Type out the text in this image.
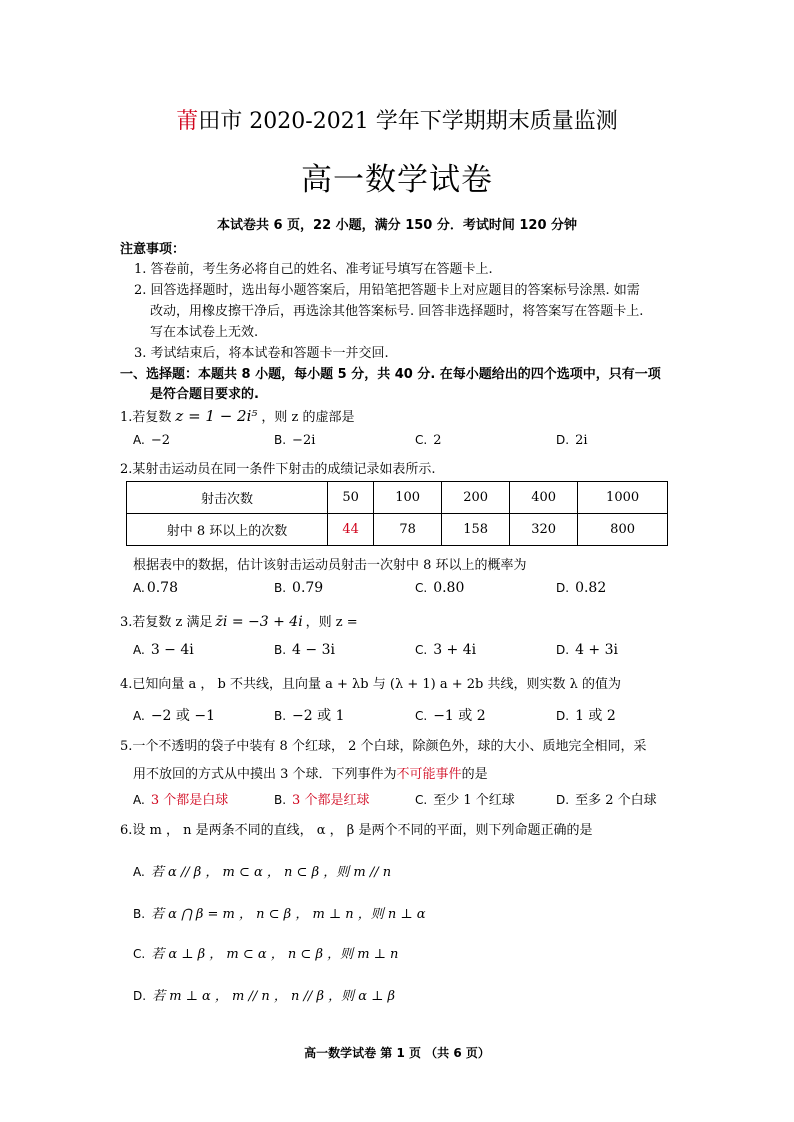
莆田市 2020-2021 学年下学期期末质量监测
高一数学试卷
本试卷共 6 页，22 小题，满分 150 分．考试时间 120 分钟
注意事项：
1. 答卷前，考生务必将自己的姓名、准考证号填写在答题卡上.
2. 回答选择题时，选出每小题答案后，用铅笔把答题卡上对应题目的答案标号涂黑. 如需
改动，用橡皮擦干净后，再选涂其他答案标号. 回答非选择题时，将答案写在答题卡上.
写在本试卷上无效.
3. 考试结束后，将本试卷和答题卡一并交回.
一、选择题：本题共 8 小题，每小题 5 分，共 40 分. 在每小题给出的四个选项中，只有一项
是符合题目要求的.
1.若复数 z = 1 − 2i⁵ ，则 z 的虚部是
A. −2	B. −2i	C. 2	D. 2i
2.某射击运动员在同一条件下射击的成绩记录如表所示.
射击次数	50	100	200	400	1000
射中 8 环以上的次数	44	78	158	320	800
根据表中的数据，估计该射击运动员射击一次射中 8 环以上的概率为
A. 0.78	B. 0.79	C. 0.80	D. 0.82
3.若复数 z 满足 z̄i = −3 + 4i ，则 z =
A. 3 − 4i	B. 4 − 3i	C. 3 + 4i	D. 4 + 3i
4.已知向量 a ， b 不共线，且向量 a + λb 与 (λ + 1) a + 2b 共线，则实数 λ 的值为
A. −2 或 −1	B. −2 或 1	C. −1 或 2	D. 1 或 2
5.一个不透明的袋子中装有 8 个红球， 2 个白球，除颜色外，球的大小、质地完全相同，采
用不放回的方式从中摸出 3 个球．下列事件为不可能事件的是
A. 3 个都是白球	B. 3 个都是红球	C. 至少 1 个红球	D. 至多 2 个白球
6.设 m ， n 是两条不同的直线， α ， β 是两个不同的平面，则下列命题正确的是
A. 若 α // β ， m ⊂ α ， n ⊂ β ，则 m // n
B. 若 α ⋂ β = m ， n ⊂ β ， m ⊥ n ，则 n ⊥ α
C. 若 α ⊥ β ， m ⊂ α ， n ⊂ β ，则 m ⊥ n
D. 若 m ⊥ α ， m // n ， n // β ，则 α ⊥ β
高一数学试卷 第 1 页 （共 6 页）
